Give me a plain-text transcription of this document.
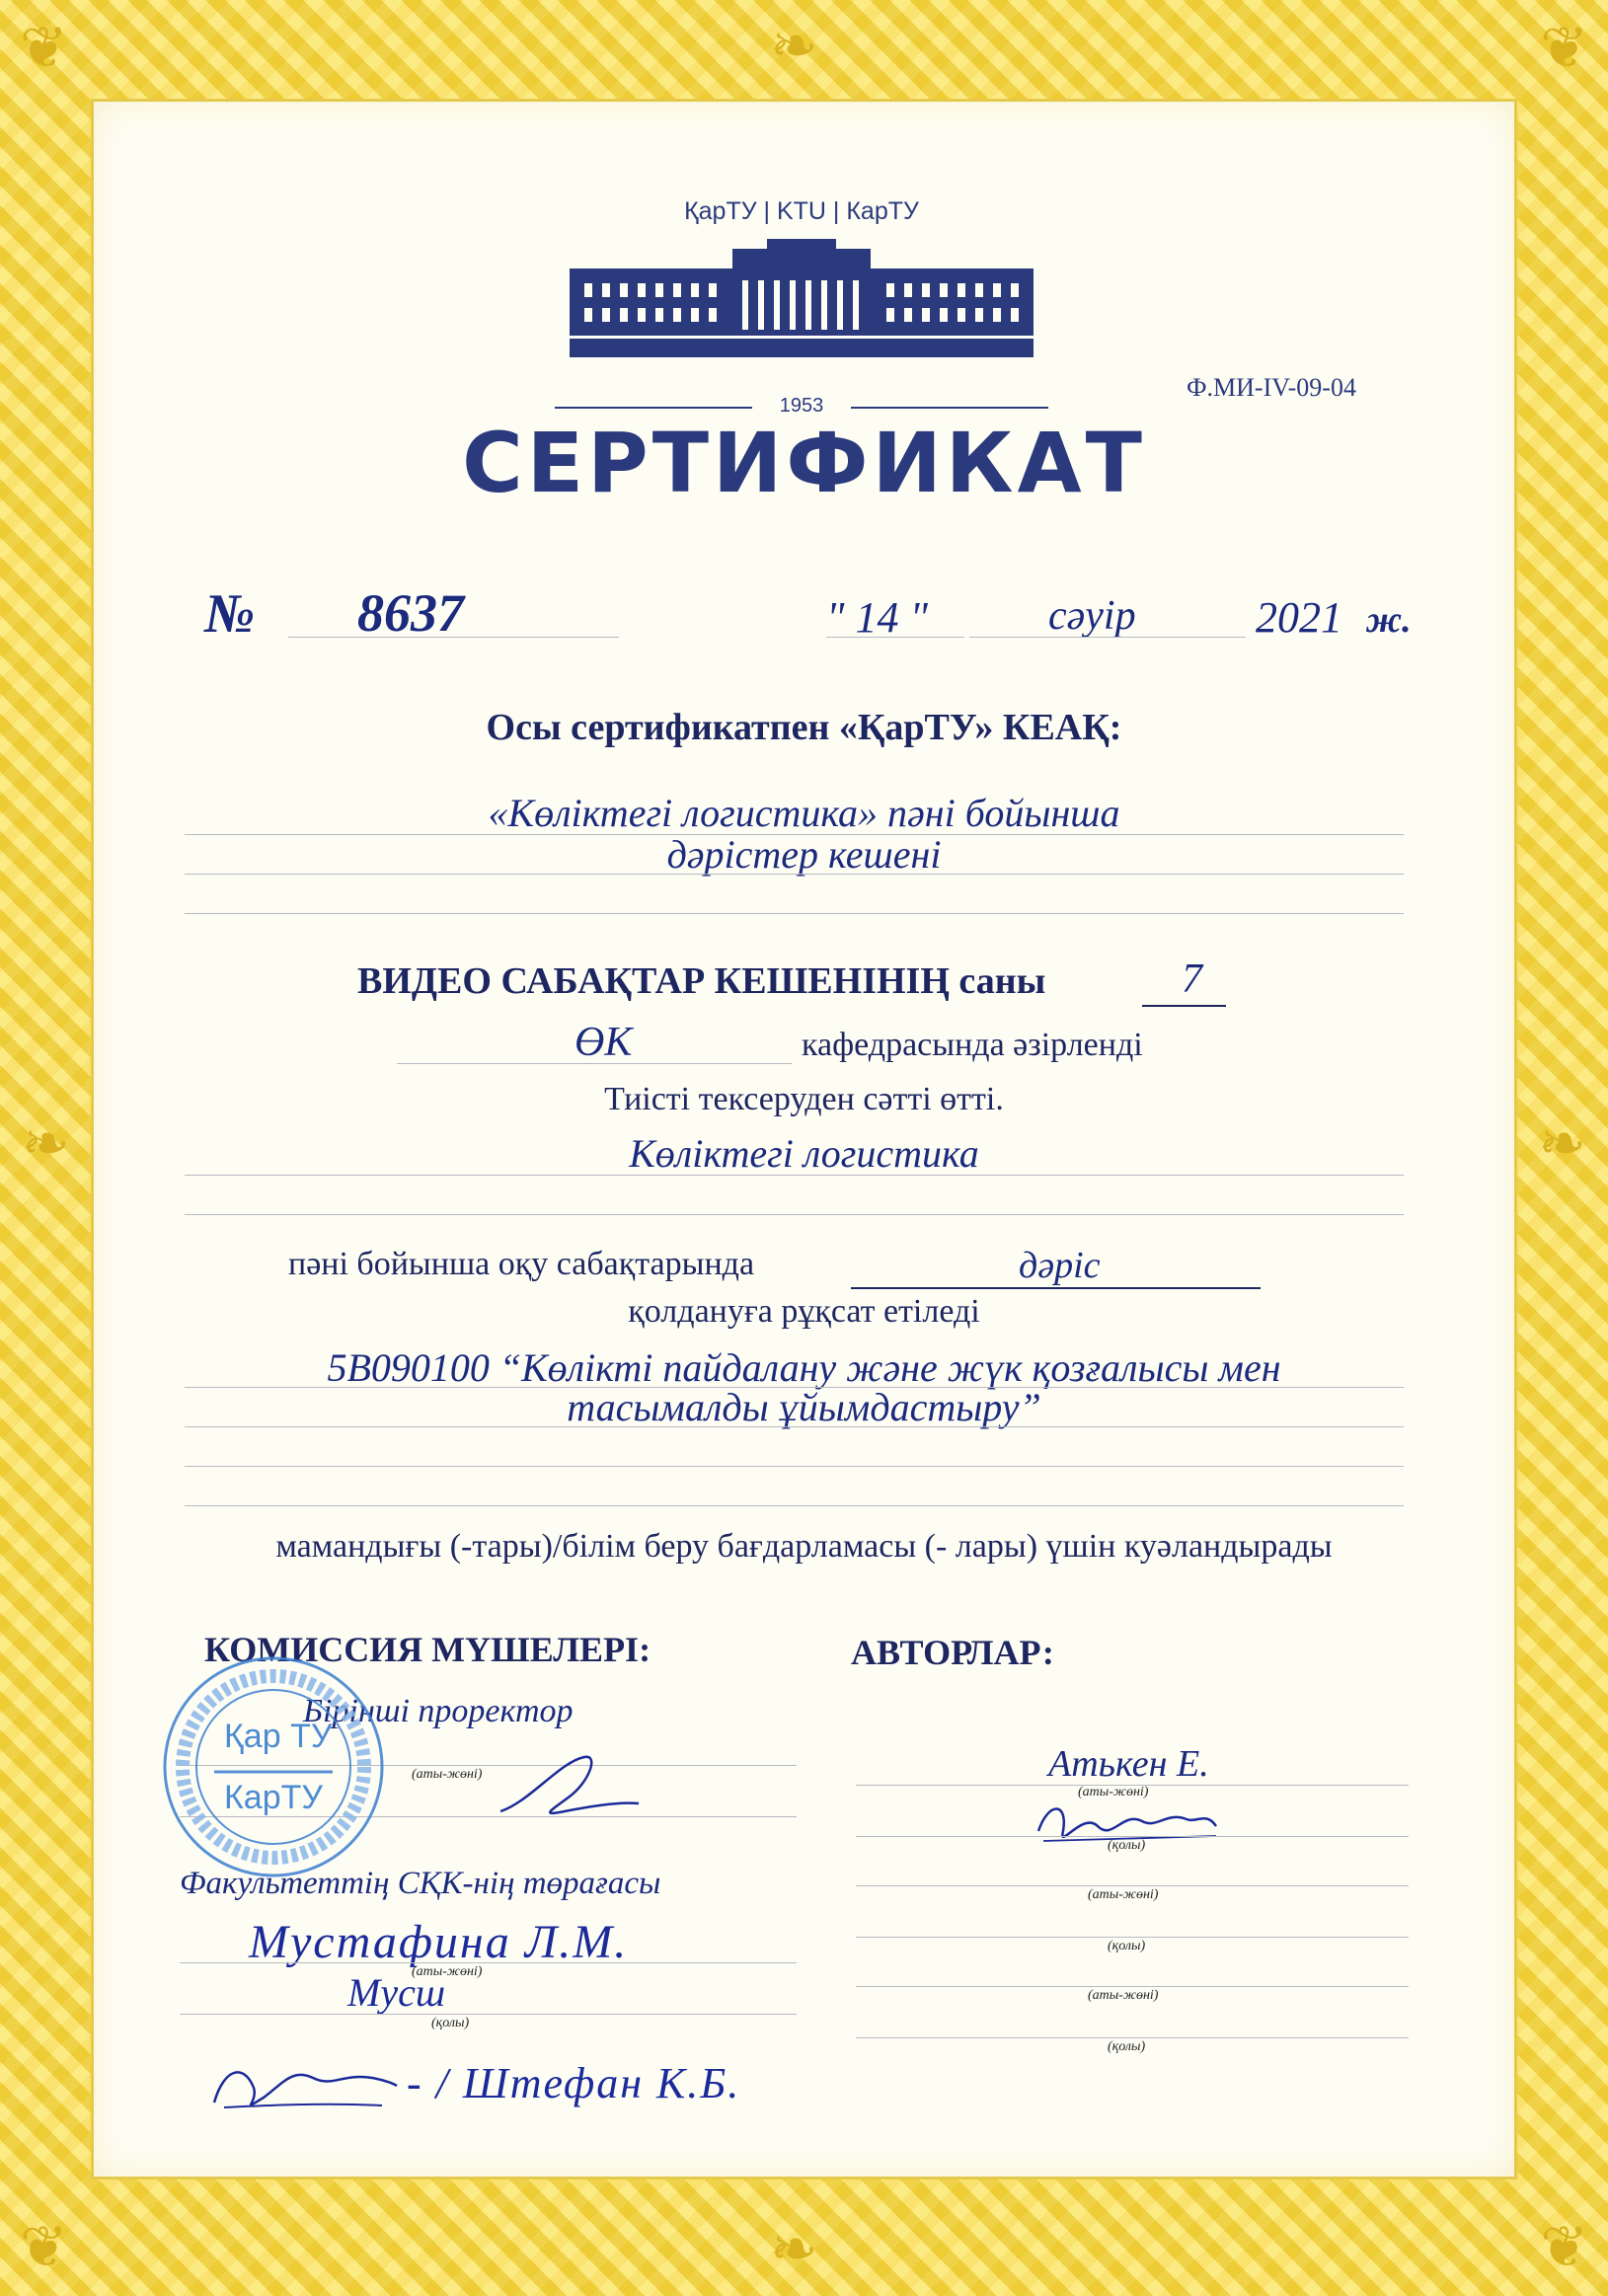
❦	❦
❦	❦
❧
❧
❧	❧
ҚарТУ | KTU | КарТУ
1953
Ф.МИ-IV-09-04
СЕРТИФИКАТ
№ 8637	" 14 "	сәуір	2021 ж.
Осы сертификатпен «ҚарТУ» КЕАҚ:
«Көліктегі логистика» пәні бойынша
дәрістер кешені
ВИДЕО САБАҚТАР КЕШЕНІНІҢ саны	7
ӨК	кафедрасында әзірленді
Тиісті тексеруден сәтті өтті.
Көліктегі логистика
пәні бойынша оқу сабақтарында	дәріс
қолдануға рұқсат етіледі
5В090100 “Көлікті пайдалану және жүк қозғалысы мен
тасымалды ұйымдастыру”
мамандығы (-тары)/білім беру бағдарламасы (- лары) үшін куәландырады
КОМИССИЯ МҮШЕЛЕРІ:
Бірінші проректор
(аты-жөні)
Факультеттің СҚК-нің төрағасы
Мустафина Л.М.
(аты-жөні)
Мусш
(қолы)
- / Штефан К.Б.
Қар ТУ
КарТУ
АВТОРЛАР:
Атькен Е.
(аты-жөні)
(қолы)
(аты-жөні)
(қолы)
(аты-жөні)
(қолы)
